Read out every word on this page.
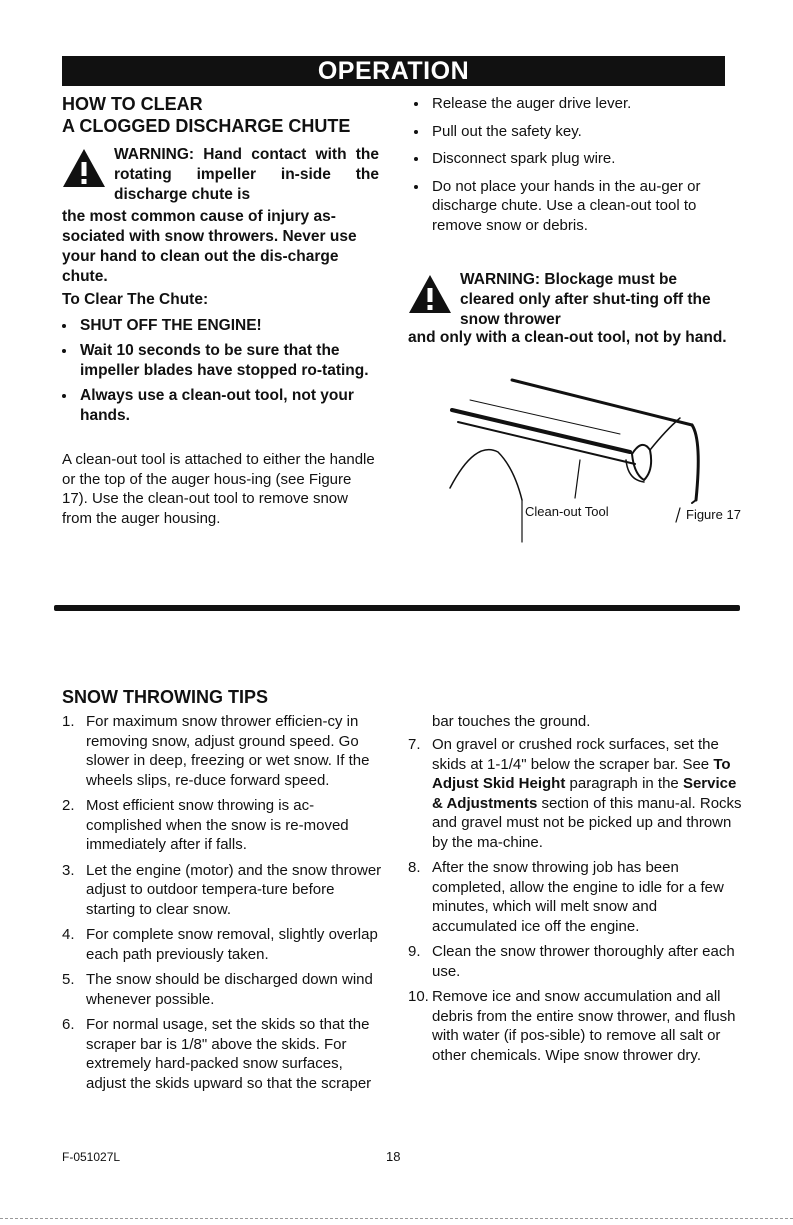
OPERATION
HOW TO CLEAR
A CLOGGED DISCHARGE CHUTE
WARNING: Hand contact with the rotating impeller in-side the discharge chute is
the most common cause of injury as-sociated with snow throwers. Never use your hand to clean out the dis-charge chute.
To Clear The Chute:
SHUT OFF THE ENGINE!
Wait 10 seconds to be sure that the impeller blades have stopped ro-tating.
Always use a clean-out tool, not your hands.
A clean-out tool is attached to either the handle or the top of the auger hous-ing (see Figure 17). Use the clean-out tool to remove snow from the auger housing.
Release the auger drive lever.
Pull out the safety key.
Disconnect spark plug wire.
Do not place your hands in the au-ger or discharge chute. Use a clean-out tool to remove snow or debris.
WARNING: Blockage must be cleared only after shut-ting off the snow thrower
and only with a clean-out tool, not by hand.
Clean-out Tool	Figure 17
SNOW THROWING TIPS
1. For maximum snow thrower efficien-cy in removing snow, adjust ground speed. Go slower in deep, freezing or wet snow. If the wheels slips, re-duce forward speed.
2. Most efficient snow throwing is ac-complished when the snow is re-moved immediately after if falls.
3. Let the engine (motor) and the snow thrower adjust to outdoor tempera-ture before starting to clear snow.
4. For complete snow removal, slightly overlap each path previously taken.
5. The snow should be discharged down wind whenever possible.
6. For normal usage, set the skids so that the scraper bar is 1/8" above the skids. For extremely hard-packed snow surfaces, adjust the skids upward so that the scraper
bar touches the ground.
7. On gravel or crushed rock surfaces, set the skids at 1-1/4" below the scraper bar. See To Adjust Skid Height paragraph in the Service & Adjustments section of this manu-al. Rocks and gravel must not be picked up and thrown by the ma-chine.
8. After the snow throwing job has been completed, allow the engine to idle for a few minutes, which will melt snow and accumulated ice off the engine.
9. Clean the snow thrower thoroughly after each use.
10. Remove ice and snow accumulation and all debris from the entire snow thrower, and flush with water (if pos-sible) to remove all salt or other chemicals. Wipe snow thrower dry.
F-051027L	18
